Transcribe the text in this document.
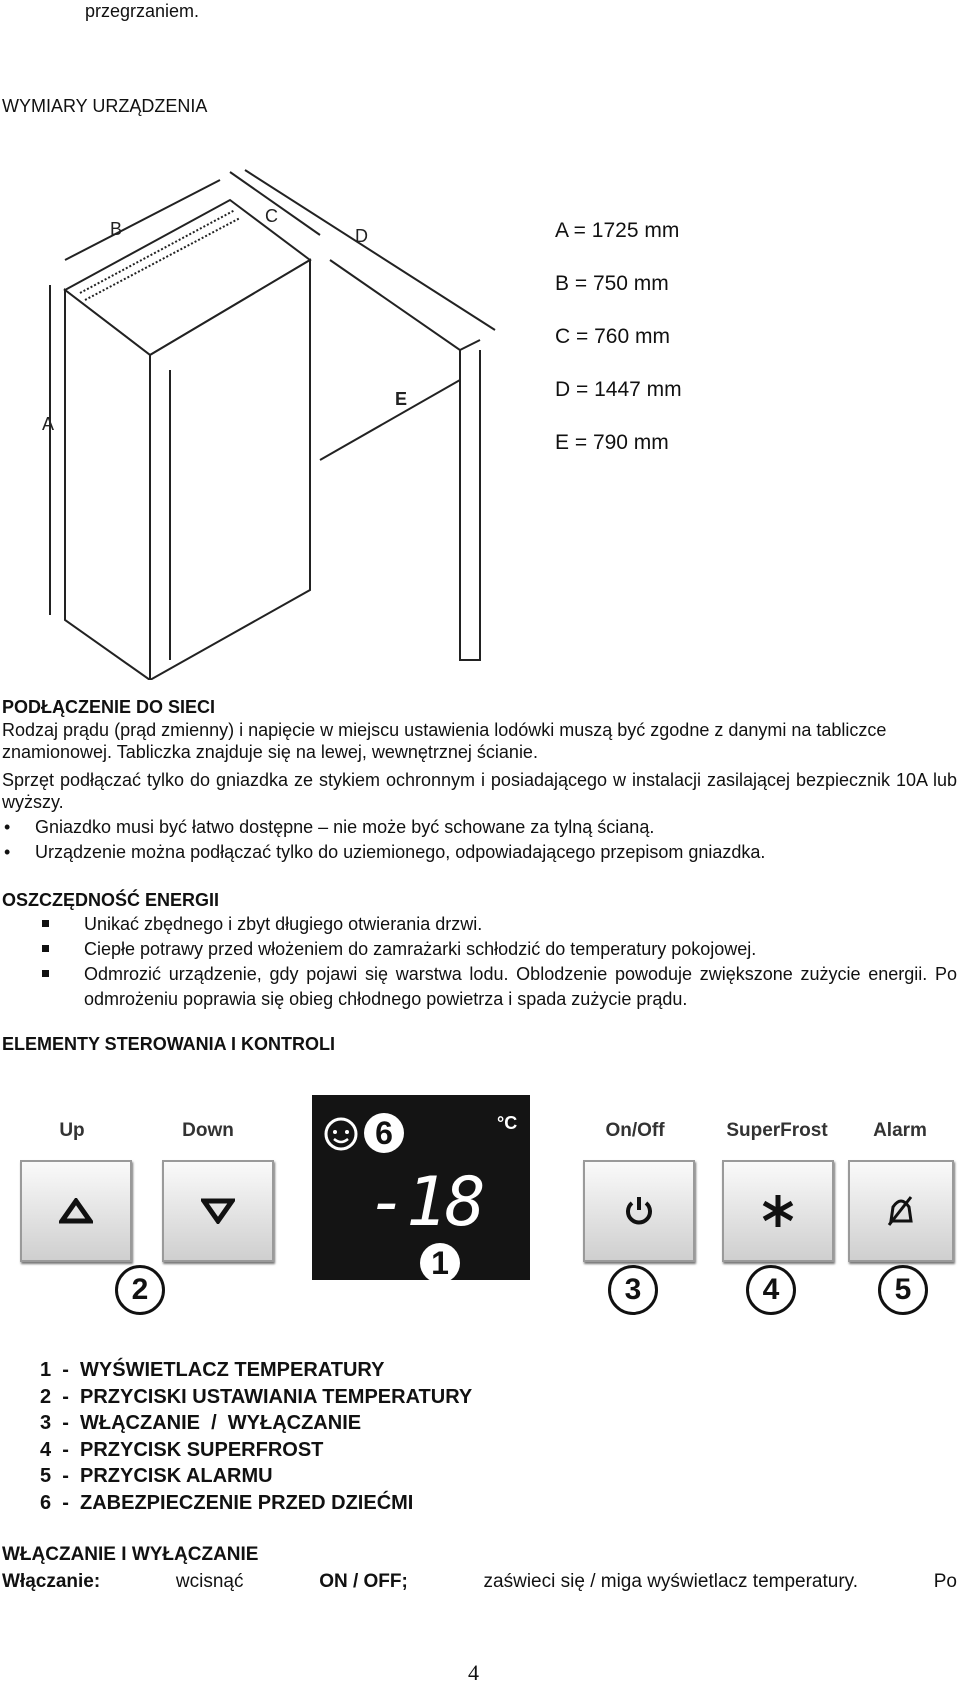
przegrzaniem.
WYMIARY URZĄDZENIA
B
C
D
A
E
A = 1725 mm
B = 750 mm
C = 760 mm
D = 1447 mm
E = 790 mm
PODŁĄCZENIE DO SIECI
Rodzaj prądu (prąd zmienny) i napięcie w miejscu ustawienia lodówki muszą być zgodne z danymi na tabliczce znamionowej. Tabliczka znajduje się na lewej, wewnętrznej ścianie.
Sprzęt podłączać tylko do gniazdka ze stykiem ochronnym i posiadającego w instalacji zasilającej bezpiecznik 10A lub wyższy.
• Gniazdko musi być łatwo dostępne – nie może być schowane za tylną ścianą.
• Urządzenie można podłączać tylko do uziemionego, odpowiadającego przepisom gniazdka.
OSZCZĘDNOŚĆ ENERGII
Unikać zbędnego i zbyt długiego otwierania drzwi.
Ciepłe potrawy przed włożeniem do zamrażarki schłodzić do temperatury pokojowej.
Odmrozić urządzenie, gdy pojawi się warstwa lodu. Oblodzenie powoduje zwiększone zużycie energii. Po odmrożeniu poprawia się obieg chłodnego powietrza i spada zużycie prądu.
ELEMENTY STEROWANIA I KONTROLI
Up
2
Down	6	°C
-18
1
On/Off
3
SuperFrost
4
Alarm
5
1  -  WYŚWIETLACZ TEMPERATURY
2  -  PRZYCISKI USTAWIANIA TEMPERATURY
3  -  WŁĄCZANIE  /  WYŁĄCZANIE
4  -  PRZYCISK SUPERFROST
5  -  PRZYCISK ALARMU
6  -  ZABEZPIECZENIE PRZED DZIEĆMI
WŁĄCZANIE I WYŁĄCZANIE
Włączanie:	wcisnąć	ON / OFF;	zaświeci się / miga wyświetlacz temperatury.	Po
4
